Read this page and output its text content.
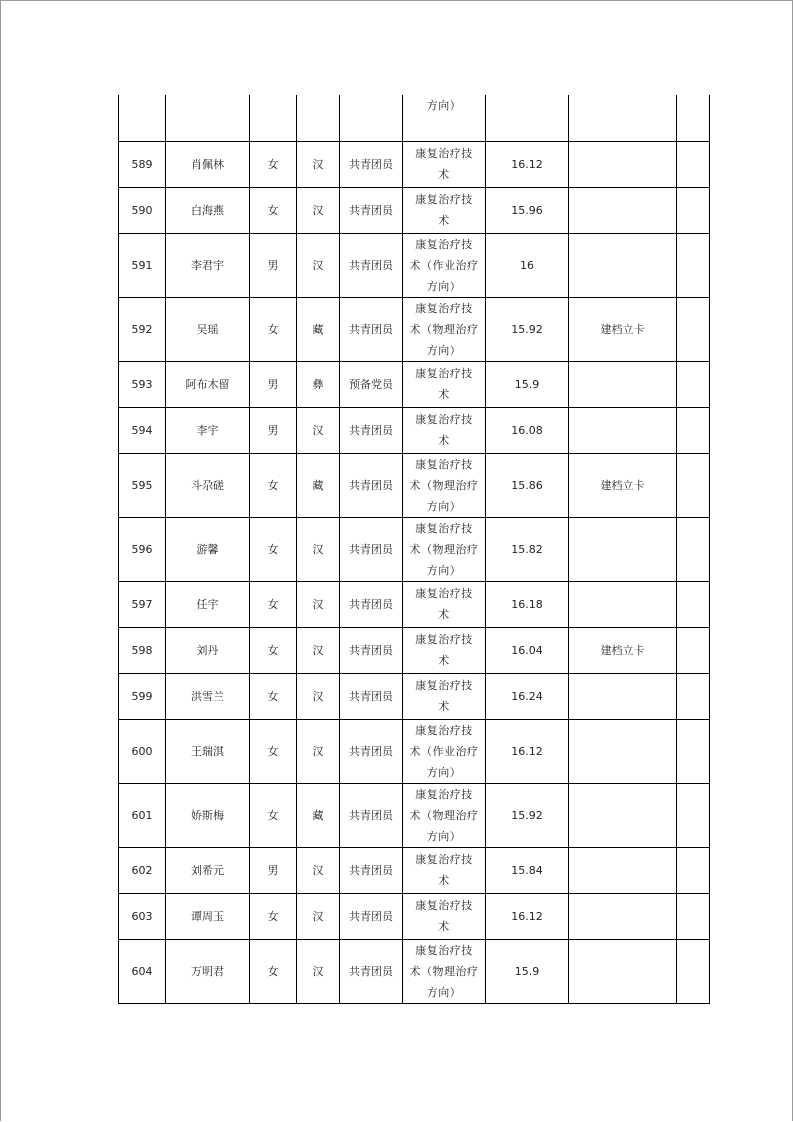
					方向）			

589	肖佩林	女	汉	共青团员	康复治疗技
术	16.12		
590	白海燕	女	汉	共青团员	康复治疗技
术	15.96		
591	李君宇	男	汉	共青团员	康复治疗技
术（作业治疗
方向）	16		
592	吴瑶	女	藏	共青团员	康复治疗技
术（物理治疗
方向）	15.92	建档立卡	
593	阿布木留	男	彝	预备党员	康复治疗技
术	15.9		
594	李宇	男	汉	共青团员	康复治疗技
术	16.08		
595	斗尕磋	女	藏	共青团员	康复治疗技
术（物理治疗
方向）	15.86	建档立卡	
596	游馨	女	汉	共青团员	康复治疗技
术（物理治疗
方向）	15.82		
597	任宇	女	汉	共青团员	康复治疗技
术	16.18		
598	刘丹	女	汉	共青团员	康复治疗技
术	16.04	建档立卡	
599	洪雪兰	女	汉	共青团员	康复治疗技
术	16.24		
600	王瑞淇	女	汉	共青团员	康复治疗技
术（作业治疗
方向）	16.12		
601	娇斯梅	女	藏	共青团员	康复治疗技
术（物理治疗
方向）	15.92		
602	刘希元	男	汉	共青团员	康复治疗技
术	15.84		
603	谭周玉	女	汉	共青团员	康复治疗技
术	16.12		
604	万明君	女	汉	共青团员	康复治疗技
术（物理治疗
方向）	15.9		
